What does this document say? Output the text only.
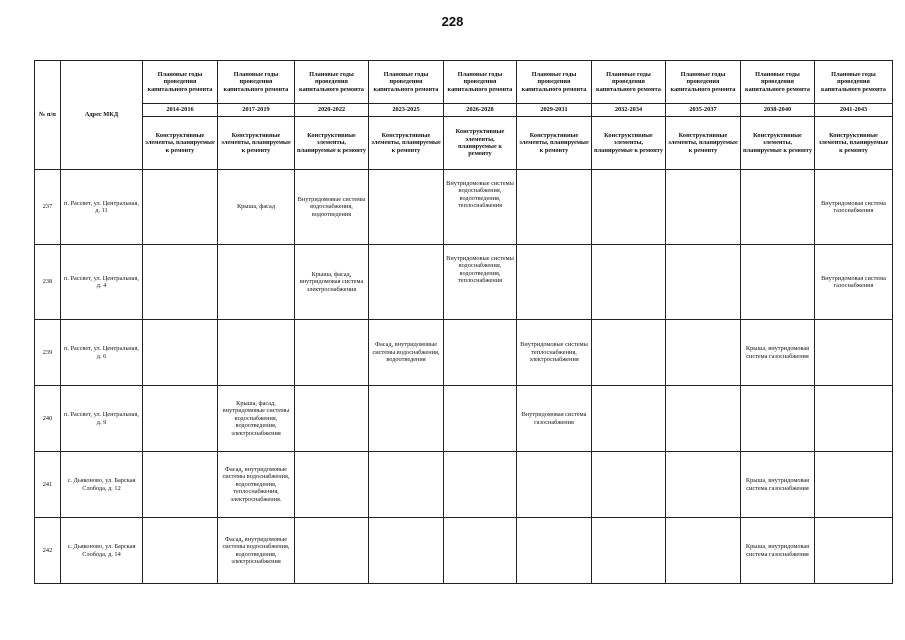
228
№ п/п	Адрес МКД	Плановые годы проведения капитального ремонта	Плановые годы проведения капитального ремонта	Плановые годы проведения капитального ремонта	Плановые годы проведения капитального ремонта	Плановые годы проведения капитального ремонта	Плановые годы проведения капитального ремонта	Плановые годы проведения капитального ремонта	Плановые годы проведения капитального ремонта	Плановые годы проведения капитального ремонта	Плановые годы проведения капитального ремонта
		2014-2016	2017-2019	2020-2022	2023-2025	2026-2028	2029-2031	2032-2034	2035-2037	2038-2040	2041-2043
		Конструктивные элементы, планируемые к ремонту	Конструктивные элементы, планируемые к ремонту	Конструктивные элементы, планируемые к ремонту	Конструктивные элементы, планируемые к ремонту	Конструктивные элементы, планируемые к ремонту	Конструктивные элементы, планируемые к ремонту	Конструктивные элементы, планируемые к ремонту	Конструктивные элементы, планируемые к ремонту	Конструктивные элементы, планируемые к ремонту	Конструктивные элементы, планируемые к ремонту
237	п. Рассвет, ул. Центральная, д. 11		Крыша, фасад	Внутридомовые системы водоснабжения, водоотведения		Внутридомовые системы водоснабжения, водоотведения, теплоснабжения					Внутридомовая система газоснабжения
238	п. Рассвет, ул. Центральная, д. 4			Крыша, фасад, внутридомовая система электроснабжения		Внутридомовые системы водоснабжения, водоотведения, теплоснабжения					Внутридомовая система газоснабжения
239	п. Рассвет, ул. Центральная, д. 6				Фасад, внутридомовые системы водоснабжения, водоотведения		Внутридомовые системы теплоснабжения, электроснабжения			Крыша, внутридомовая система газоснабжения	
240	п. Рассвет, ул. Центральная, д. 9		Крыша, фасад, внутридомовые системы водоснабжения, водоотведения, электроснабжения				Внутридомовая система газоснабжения				
241	с. Дьяконово, ул. Барская Слобода, д. 12		Фасад, внутридомовые системы водоснабжения, водоотведения, теплоснабжения, электроснабжения.							Крыша, внутридомовая система газоснабжения	
242	с. Дьяконово, ул. Барская Слобода, д. 14		Фасад, внутридомовые системы водоснабжения, водоотведения, электроснабжения							Крыша, внутридомовая система газоснабжения	
